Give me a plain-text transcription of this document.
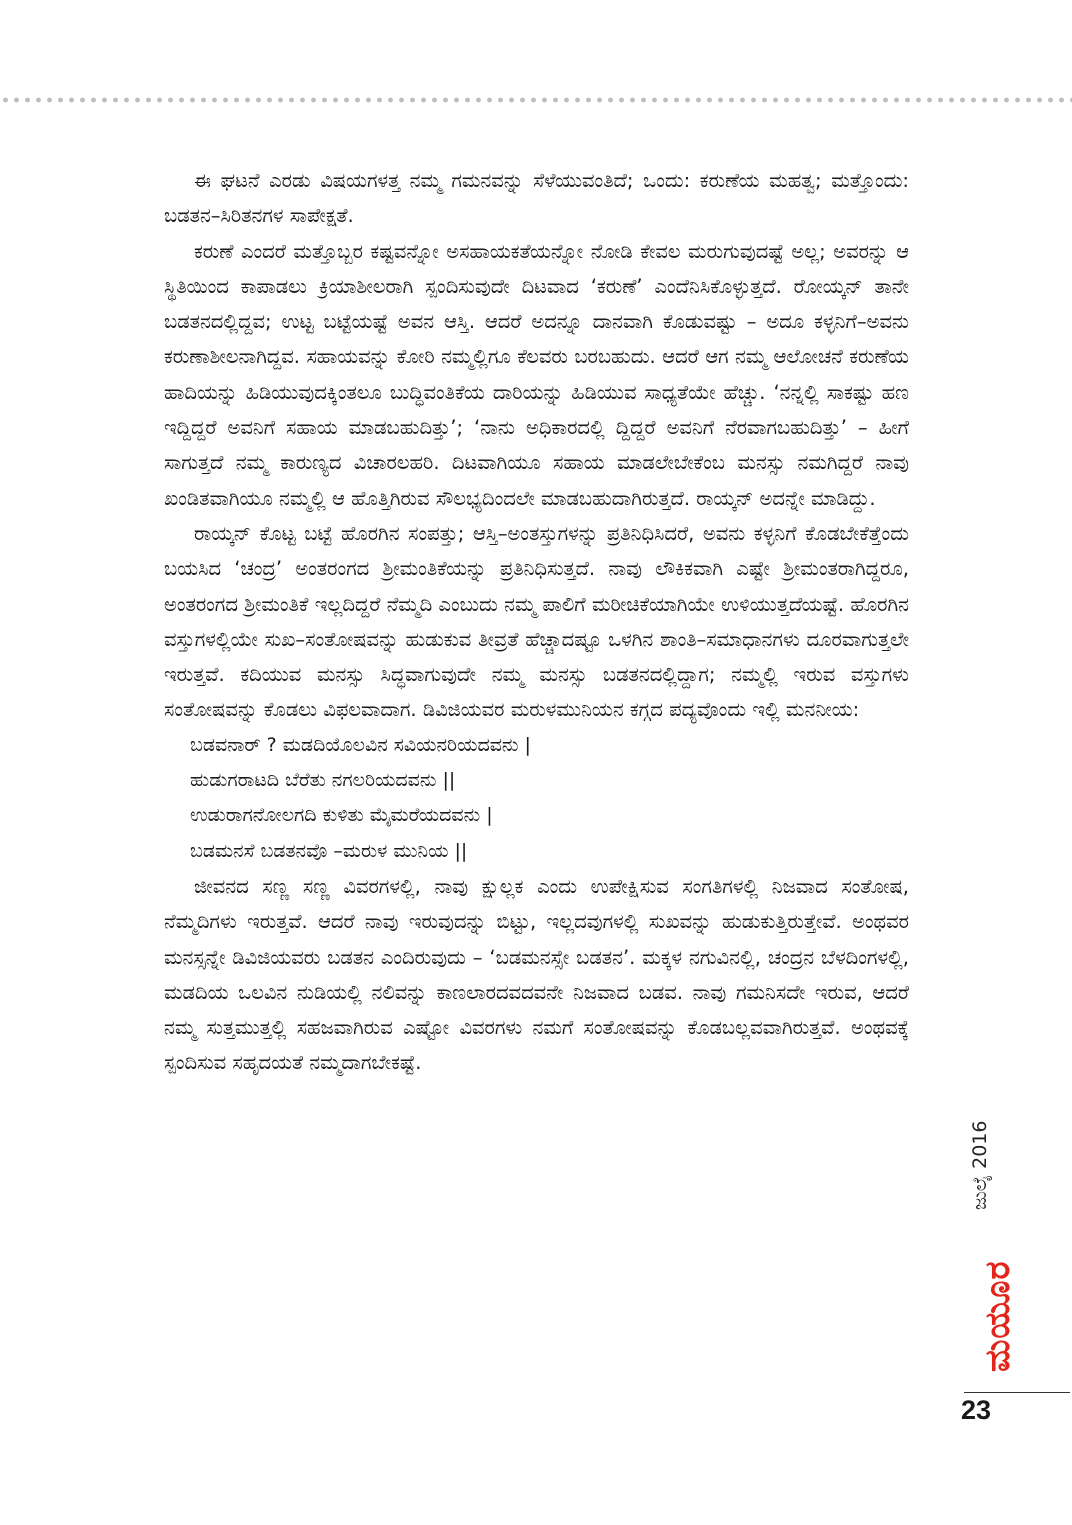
ಈ ಘಟನೆ ಎರಡು ವಿಷಯಗಳತ್ತ ನಮ್ಮ ಗಮನವನ್ನು ಸೆಳೆಯುವಂತಿದೆ; ಒಂದು: ಕರುಣೆಯ ಮಹತ್ವ; ಮತ್ತೊಂದು: ಬಡತನ–ಸಿರಿತನಗಳ ಸಾಪೇಕ್ಷತೆ.

ಕರುಣೆ ಎಂದರೆ ಮತ್ತೊಬ್ಬರ ಕಷ್ಟವನ್ನೋ ಅಸಹಾಯಕತೆಯನ್ನೋ ನೋಡಿ ಕೇವಲ ಮರುಗುವುದಷ್ಟೆ ಅಲ್ಲ; ಅವರನ್ನು ಆ ಸ್ಥಿತಿಯಿಂದ ಕಾಪಾಡಲು ಕ್ರಿಯಾಶೀಲರಾಗಿ ಸ್ಪಂದಿಸುವುದೇ ದಿಟವಾದ ‘ಕರುಣೆ’ ಎಂದೆನಿಸಿಕೊಳ್ಳುತ್ತದೆ. ರೋಯ್ಕನ್ ತಾನೇ ಬಡತನದಲ್ಲಿದ್ದವ; ಉಟ್ಟ ಬಟ್ಟೆಯಷ್ಟೆ ಅವನ ಆಸ್ತಿ. ಆದರೆ ಅದನ್ನೂ ದಾನವಾಗಿ ಕೊಡುವಷ್ಟು – ಅದೂ ಕಳ್ಳನಿಗೆ–ಅವನು ಕರುಣಾಶೀಲನಾಗಿದ್ದವ. ಸಹಾಯವನ್ನು ಕೋರಿ ನಮ್ಮಲ್ಲಿಗೂ ಕೆಲವರು ಬರಬಹುದು. ಆದರೆ ಆಗ ನಮ್ಮ ಆಲೋಚನೆ ಕರುಣೆಯ ಹಾದಿಯನ್ನು ಹಿಡಿಯುವುದಕ್ಕಿಂತಲೂ ಬುದ್ಧಿವಂತಿಕೆಯ ದಾರಿಯನ್ನು ಹಿಡಿಯುವ ಸಾಧ್ಯತೆಯೇ ಹೆಚ್ಚು. ‘ನನ್ನಲ್ಲಿ ಸಾಕಷ್ಟು ಹಣ ಇದ್ದಿದ್ದರೆ ಅವನಿಗೆ ಸಹಾಯ ಮಾಡಬಹುದಿತ್ತು’; ‘ನಾನು ಅಧಿಕಾರದಲ್ಲಿ ದ್ದಿದ್ದರೆ ಅವನಿಗೆ ನೆರವಾಗಬಹುದಿತ್ತು’ – ಹೀಗೆ ಸಾಗುತ್ತದೆ ನಮ್ಮ ಕಾರುಣ್ಯದ ವಿಚಾರಲಹರಿ. ದಿಟವಾಗಿಯೂ ಸಹಾಯ ಮಾಡಲೇಬೇಕೆಂಬ ಮನಸ್ಸು ನಮಗಿದ್ದರೆ ನಾವು ಖಂಡಿತವಾಗಿಯೂ ನಮ್ಮಲ್ಲಿ ಆ ಹೊತ್ತಿಗಿರುವ ಸೌಲಭ್ಯದಿಂದಲೇ ಮಾಡಬಹುದಾಗಿರುತ್ತದೆ. ರಾಯ್ಕನ್ ಅದನ್ನೇ ಮಾಡಿದ್ದು.

ರಾಯ್ಕನ್ ಕೊಟ್ಟ ಬಟ್ಟೆ ಹೊರಗಿನ ಸಂಪತ್ತು; ಆಸ್ತಿ–ಅಂತಸ್ತುಗಳನ್ನು ಪ್ರತಿನಿಧಿಸಿದರೆ, ಅವನು ಕಳ್ಳನಿಗೆ ಕೊಡಬೇಕೆತ್ತೆಂದು ಬಯಸಿದ ‘ಚಂದ್ರ’ ಅಂತರಂಗದ ಶ್ರೀಮಂತಿಕೆಯನ್ನು ಪ್ರತಿನಿಧಿಸುತ್ತದೆ. ನಾವು ಲೌಕಿಕವಾಗಿ ಎಷ್ಟೇ ಶ್ರೀಮಂತರಾಗಿದ್ದರೂ, ಅಂತರಂಗದ ಶ್ರೀಮಂತಿಕೆ ಇಲ್ಲದಿದ್ದರೆ ನೆಮ್ಮದಿ ಎಂಬುದು ನಮ್ಮ ಪಾಲಿಗೆ ಮರೀಚಿಕೆಯಾಗಿಯೇ ಉಳಿಯುತ್ತದೆಯಷ್ಟೆ. ಹೊರಗಿನ ವಸ್ತುಗಳಲ್ಲಿಯೇ ಸುಖ–ಸಂತೋಷವನ್ನು ಹುಡುಕುವ ತೀವ್ರತೆ ಹೆಚ್ಚಾದಷ್ಟೂ ಒಳಗಿನ ಶಾಂತಿ–ಸಮಾಧಾನಗಳು ದೂರವಾಗುತ್ತಲೇ ಇರುತ್ತವೆ. ಕದಿಯುವ ಮನಸ್ಸು ಸಿದ್ಧವಾಗುವುದೇ ನಮ್ಮ ಮನಸ್ಸು ಬಡತನದಲ್ಲಿದ್ದಾಗ; ನಮ್ಮಲ್ಲಿ ಇರುವ ವಸ್ತುಗಳು ಸಂತೋಷವನ್ನು ಕೊಡಲು ವಿಫಲವಾದಾಗ. ಡಿವಿಜಿಯವರ ಮರುಳಮುನಿಯನ ಕಗ್ಗದ ಪದ್ಯವೊಂದು ಇಲ್ಲಿ ಮನನೀಯ:

ಬಡವನಾರ್ ? ಮಡದಿಯೊಲವಿನ ಸವಿಯನರಿಯದವನು |
ಹುಡುಗರಾಟದಿ ಬೆರೆತು ನಗಲರಿಯದವನು ||
ಉಡುರಾಗನೋಲಗದಿ ಕುಳಿತು ಮೈಮರೆಯದವನು |
ಬಡಮನಸೆ ಬಡತನವೊ –ಮರುಳ ಮುನಿಯ ||

ಜೀವನದ ಸಣ್ಣ ಸಣ್ಣ ವಿವರಗಳಲ್ಲಿ, ನಾವು ಕ್ಷುಲ್ಲಕ ಎಂದು ಉಪೇಕ್ಷಿಸುವ ಸಂಗತಿಗಳಲ್ಲಿ ನಿಜವಾದ ಸಂತೋಷ, ನೆಮ್ಮದಿಗಳು ಇರುತ್ತವೆ. ಆದರೆ ನಾವು ಇರುವುದನ್ನು ಬಿಟ್ಟು, ಇಲ್ಲದವುಗಳಲ್ಲಿ ಸುಖವನ್ನು ಹುಡುಕುತ್ತಿರುತ್ತೇವೆ. ಅಂಥವರ ಮನಸ್ಸನ್ನೇ ಡಿವಿಜಿಯವರು ಬಡತನ ಎಂದಿರುವುದು – ‘ಬಡಮನಸ್ಸೇ ಬಡತನ’. ಮಕ್ಕಳ ನಗುವಿನಲ್ಲಿ, ಚಂದ್ರನ ಬೆಳದಿಂಗಳಲ್ಲಿ, ಮಡದಿಯ ಒಲವಿನ ನುಡಿಯಲ್ಲಿ ನಲಿವನ್ನು ಕಾಣಲಾರದವದವನೇ ನಿಜವಾದ ಬಡವ. ನಾವು ಗಮನಿಸದೇ ಇರುವ, ಆದರೆ ನಮ್ಮ ಸುತ್ತಮುತ್ತಲ್ಲಿ ಸಹಜವಾಗಿರುವ ಎಷ್ಟೋ ವಿವರಗಳು ನಮಗೆ ಸಂತೋಷವನ್ನು ಕೊಡಬಲ್ಲವವಾಗಿರುತ್ತವೆ. ಅಂಥವಕ್ಕೆ ಸ್ಪಂದಿಸುವ ಸಹೃದಯತೆ ನಮ್ಮದಾಗಬೇಕಷ್ಟೆ.

ಜುಲೈ 2016
ಮಯೂರ
23
